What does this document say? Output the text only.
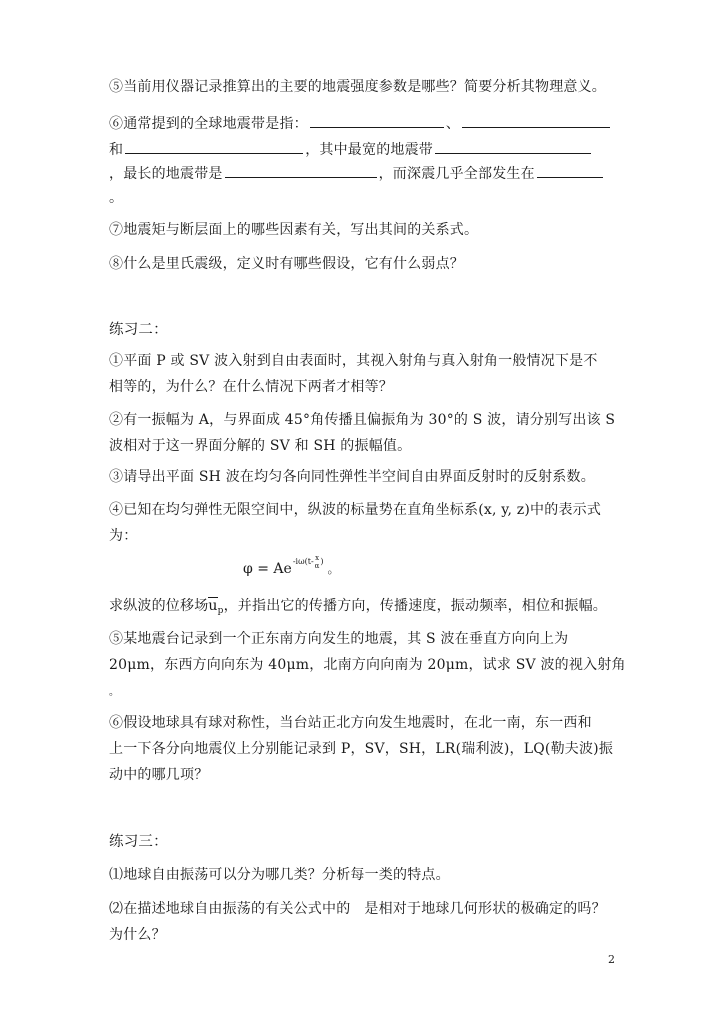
⑤当前用仪器记录推算出的主要的地震强度参数是哪些？简要分析其物理意义。
⑥通常提到的全球地震带是指：	、
和	，其中最宽的地震带
，最长的地震带是	，而深震几乎全部发生在
。
⑦地震矩与断层面上的哪些因素有关，写出其间的关系式。
⑧什么是里氏震级，定义时有哪些假设，它有什么弱点？
练习二：
①平面 P 或 SV 波入射到自由表面时，其视入射角与真入射角一般情况下是不
相等的，为什么？在什么情况下两者才相等？
②有一振幅为 A，与界面成 45°角传播且偏振角为 30°的 S 波，请分别写出该 S
波相对于这一界面分解的 SV 和 SH 的振幅值。
③请导出平面 SH 波在均匀各向同性弹性半空间自由界面反射时的反射系数。
④已知在均匀弹性无限空间中，纵波的标量势在直角坐标系(x, y, z)中的表示式
为：
$\varphi = Ae^{-i\omega(t-x \alpha)}$。
求纵波的位移场
$u_p$，并指出它的传播方向，传播速度，振动频率，相位和振幅。
⑤某地震台记录到一个正东南方向发生的地震，其 S 波在垂直方向向上为
20μm，东西方向向东为 40μm，北南方向向南为 20μm，试求 SV 波的视入射角
。
⑥假设地球具有球对称性，当台站正北方向发生地震时，在北一南，东一西和
上一下各分向地震仪上分别能记录到 P，SV，SH，LR(瑞利波)，LQ(勒夫波)振
动中的哪几项？
练习三：
⑴地球自由振荡可以分为哪几类？分析每一类的特点。
⑵在描述地球自由振荡的有关公式中的 是相对于地球几何形状的极确定的吗？
为什么？
2
